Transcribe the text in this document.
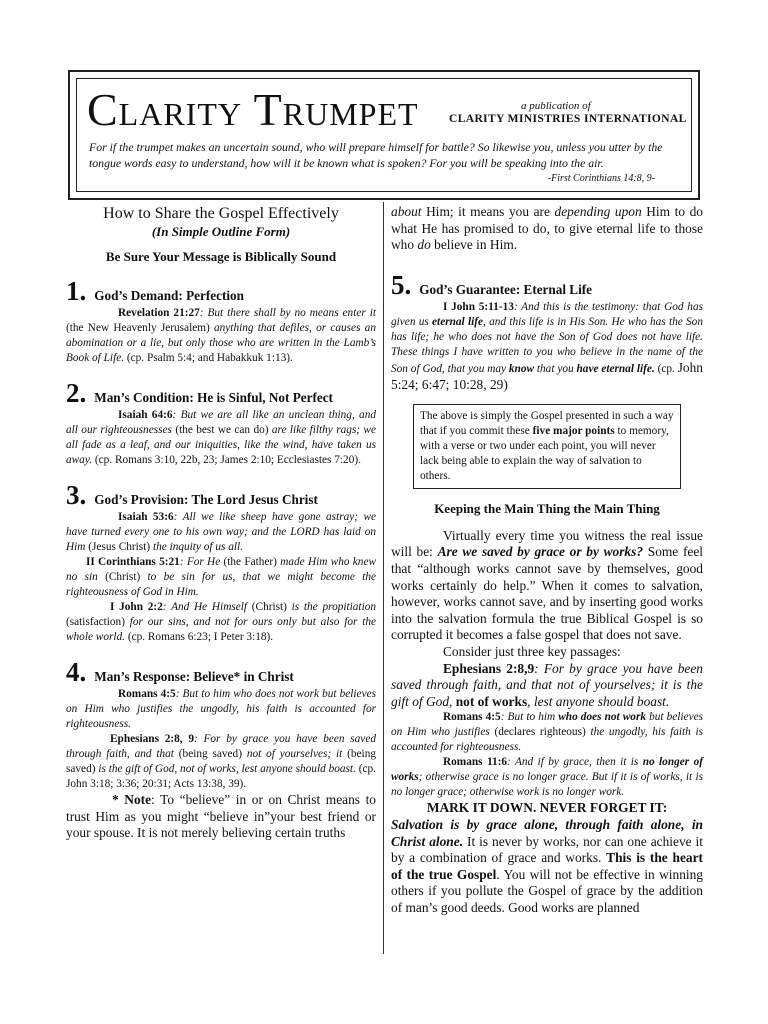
Clarity Trumpet	a publication of
CLARITY MINISTRIES INTERNATIONAL
For if the trumpet makes an uncertain sound, who will prepare himself for battle? So likewise you, unless you utter by the tongue words easy to understand, how will it be known what is spoken? For you will be speaking into the air.
-First Corinthians 14:8, 9-
How to Share the Gospel Effectively
(In Simple Outline Form)
Be Sure Your Message is Biblically Sound
1. God’s Demand: Perfection

Revelation 21:27: But there shall by no means enter it (the New Heavenly Jerusalem) anything that defiles, or causes an abomination or a lie, but only those who are written in the Lamb’s Book of Life. (cp. Psalm 5:4; and Habakkuk 1:13).

2. Man’s Condition: He is Sinful, Not Perfect

Isaiah 64:6: But we are all like an unclean thing, and all our righteousnesses (the best we can do) are like filthy rags; we all fade as a leaf, and our iniquities, like the wind, have taken us away. (cp. Romans 3:10, 22b, 23; James 2:10; Ecclesiastes 7:20).

3. God’s Provision: The Lord Jesus Christ

Isaiah 53:6: All we like sheep have gone astray; we have turned every one to his own way; and the LORD has laid on Him (Jesus Christ) the inquity of us all.

II Corinthians 5:21: For He (the Father) made Him who knew no sin (Christ) to be sin for us, that we might become the righteousness of God in Him.

I John 2:2: And He Himself (Christ) is the propitiation (satisfaction) for our sins, and not for ours only but also for the whole world. (cp. Romans 6:23; I Peter 3:18).

4. Man’s Response: Believe* in Christ

Romans 4:5: But to him who does not work but believes on Him who justifies the ungodly, his faith is accounted for righteousness.

Ephesians 2:8, 9: For by grace you have been saved through faith, and that (being saved) not of yourselves; it (being saved) is the gift of God, not of works, lest anyone should boast. (cp. John 3:18; 3:36; 20:31; Acts 13:38, 39).

* Note: To “believe” in or on Christ means to trust Him as you might “believe in”your best friend or your spouse. It is not merely believing certain truths

about Him; it means you are depending upon Him to do what He has promised to do, to give eternal life to those who do believe in Him.

5. God’s Guarantee: Eternal Life

I John 5:11-13: And this is the testimony: that God has given us eternal life, and this life is in His Son. He who has the Son has life; he who does not have the Son of God does not have life. These things I have written to you who believe in the name of the Son of God, that you may know that you have eternal life. (cp. John 5:24; 6:47; 10:28, 29)

The above is simply the Gospel presented in such a way that if you commit these five major points to memory, with a verse or two under each point, you will never lack being able to explain the way of salvation to others.
Keeping the Main Thing the Main Thing

Virtually every time you witness the real issue will be: Are we saved by grace or by works? Some feel that “although works cannot save by themselves, good works certainly do help.” When it comes to salvation, however, works cannot save, and by inserting good works into the salvation formula the true Biblical Gospel is so corrupted it becomes a false gospel that does not save.

Consider just three key passages:

Ephesians 2:8,9: For by grace you have been saved through faith, and that not of yourselves; it is the gift of God, not of works, lest anyone should boast.

Romans 4:5: But to him who does not work but believes on Him who justifies (declares righteous) the ungodly, his faith is accounted for righteousness.

Romans 11:6: And if by grace, then it is no longer of works; otherwise grace is no longer grace. But if it is of works, it is no longer grace; otherwise work is no longer work.

MARK IT DOWN. NEVER FORGET IT:

Salvation is by grace alone, through faith alone, in Christ alone. It is never by works, nor can one achieve it by a combination of grace and works. This is the heart of the true Gospel. You will not be effective in winning others if you pollute the Gospel of grace by the addition of man’s good deeds. Good works are planned
